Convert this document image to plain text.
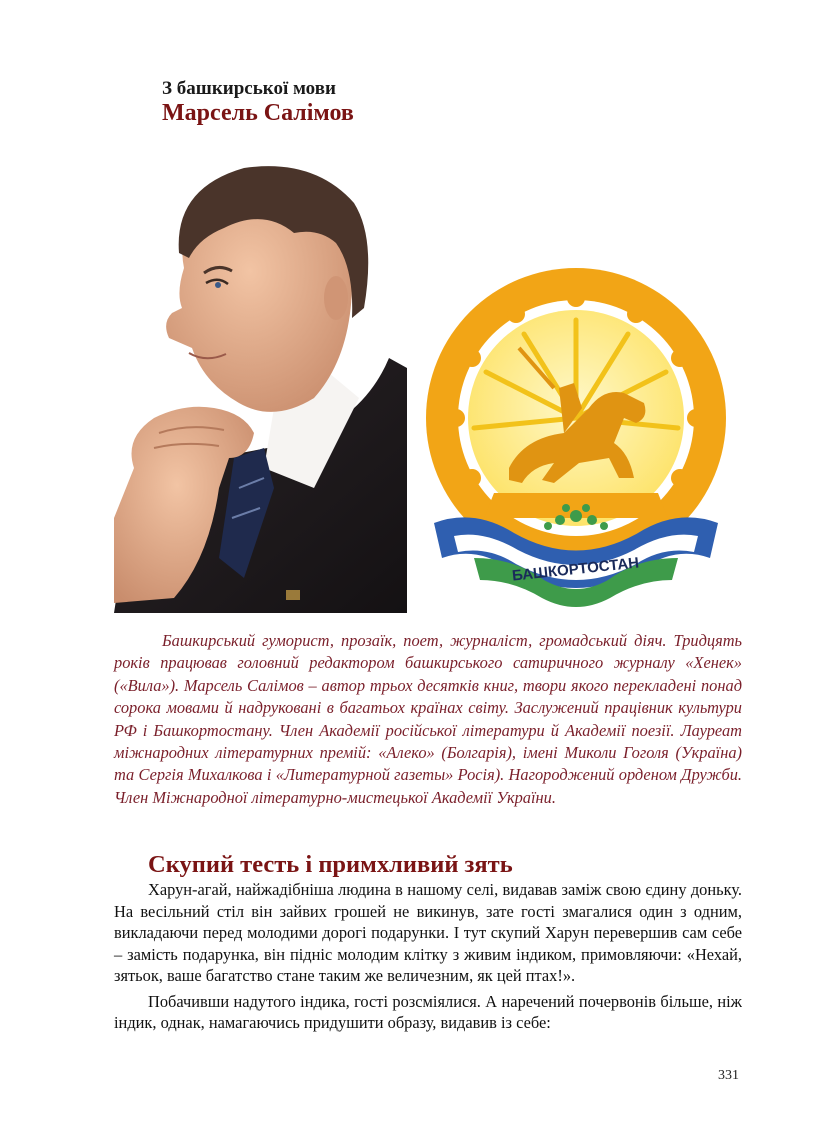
З башкирської мови
Марсель Салімов
БАШКОРТОСТАН

Башкирський гуморист, прозаїк, поет, журналіст, громадський діяч. Тридцять років працював головний редактором башкирського сатиричного журналу «Хенек» («Вила»). Марсель Салімов – автор трьох десятків книг, твори якого перекладені понад сорока мовами й надруковані в багатьох країнах світу. Заслужений працівник культури РФ і Башкортостану. Член Академії російської літератури й Академії поезії. Лауреат міжнародних літературних премій: «Алеко» (Болгарія), імені Миколи Гоголя (Україна) та Сергія Михалкова і «Литературной газеты» Росія). Нагороджений орденом Дружби. Член Міжнародної літературно-мистецької Академії України.

Скупий тесть і примхливий зять

Харун-агай, найжадібніша людина в нашому селі, видавав заміж свою єдину доньку. На весільний стіл він зайвих грошей не викинув, зате гості змагалися один з одним, викладаючи перед молодими дорогі подарунки. І тут скупий Харун перевершив сам себе – замість подарунка, він підніс молодим клітку з живим індиком, примовляючи: «Нехай, зятьок, ваше багатство стане таким же величезним, як цей птах!».

Побачивши надутого індика, гості розсміялися. А наречений почервонів більше, ніж індик, однак, намагаючись придушити образу, видавив із себе:

331
